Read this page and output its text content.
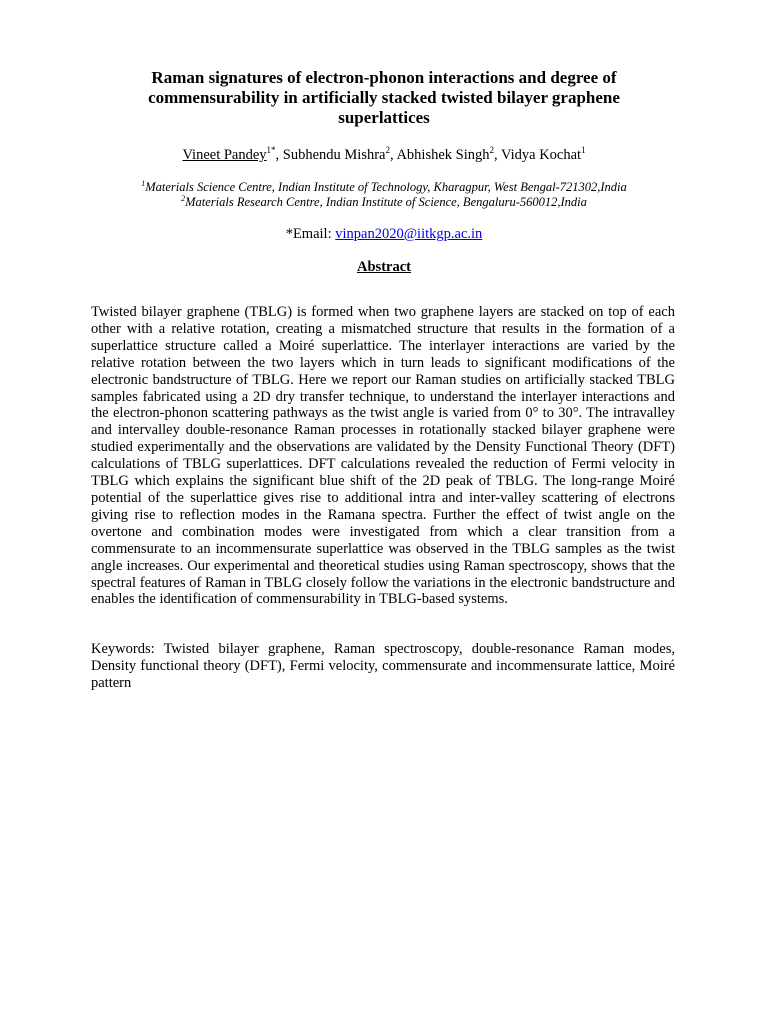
Raman signatures of electron-phonon interactions and degree of commensurability in artificially stacked twisted bilayer graphene superlattices
Vineet Pandey$^{1*}$, Subhendu Mishra$^2$, Abhishek Singh$^2$, Vidya Kochat$^1$
$^1$Materials Science Centre, Indian Institute of Technology, Kharagpur, West Bengal-721302,India
$^2$Materials Research Centre, Indian Institute of Science, Bengaluru-560012,India
*Email: vinpan2020@iitkgp.ac.in
Abstract

Twisted bilayer graphene (TBLG) is formed when two graphene layers are stacked on top of each other with a relative rotation, creating a mismatched structure that results in the formation of a superlattice structure called a Moiré superlattice. The interlayer interactions are varied by the relative rotation between the two layers which in turn leads to significant modifications of the electronic bandstructure of TBLG. Here we report our Raman studies on artificially stacked TBLG samples fabricated using a 2D dry transfer technique, to understand the interlayer interactions and the electron-phonon scattering pathways as the twist angle is varied from 0° to 30°. The intravalley and intervalley double-resonance Raman processes in rotationally stacked bilayer graphene were studied experimentally and the observations are validated by the Density Functional Theory (DFT) calculations of TBLG superlattices. DFT calculations revealed the reduction of Fermi velocity in TBLG which explains the significant blue shift of the 2D peak of TBLG. The long-range Moiré potential of the superlattice gives rise to additional intra and inter-valley scattering of electrons giving rise to reflection modes in the Ramana spectra. Further the effect of twist angle on the overtone and combination modes were investigated from which a clear transition from a commensurate to an incommensurate superlattice was observed in the TBLG samples as the twist angle increases. Our experimental and theoretical studies using Raman spectroscopy, shows that the spectral features of Raman in TBLG closely follow the variations in the electronic bandstructure and enables the identification of commensurability in TBLG-based systems.

Keywords: Twisted bilayer graphene, Raman spectroscopy, double-resonance Raman modes, Density functional theory (DFT), Fermi velocity, commensurate and incommensurate lattice, Moiré pattern
